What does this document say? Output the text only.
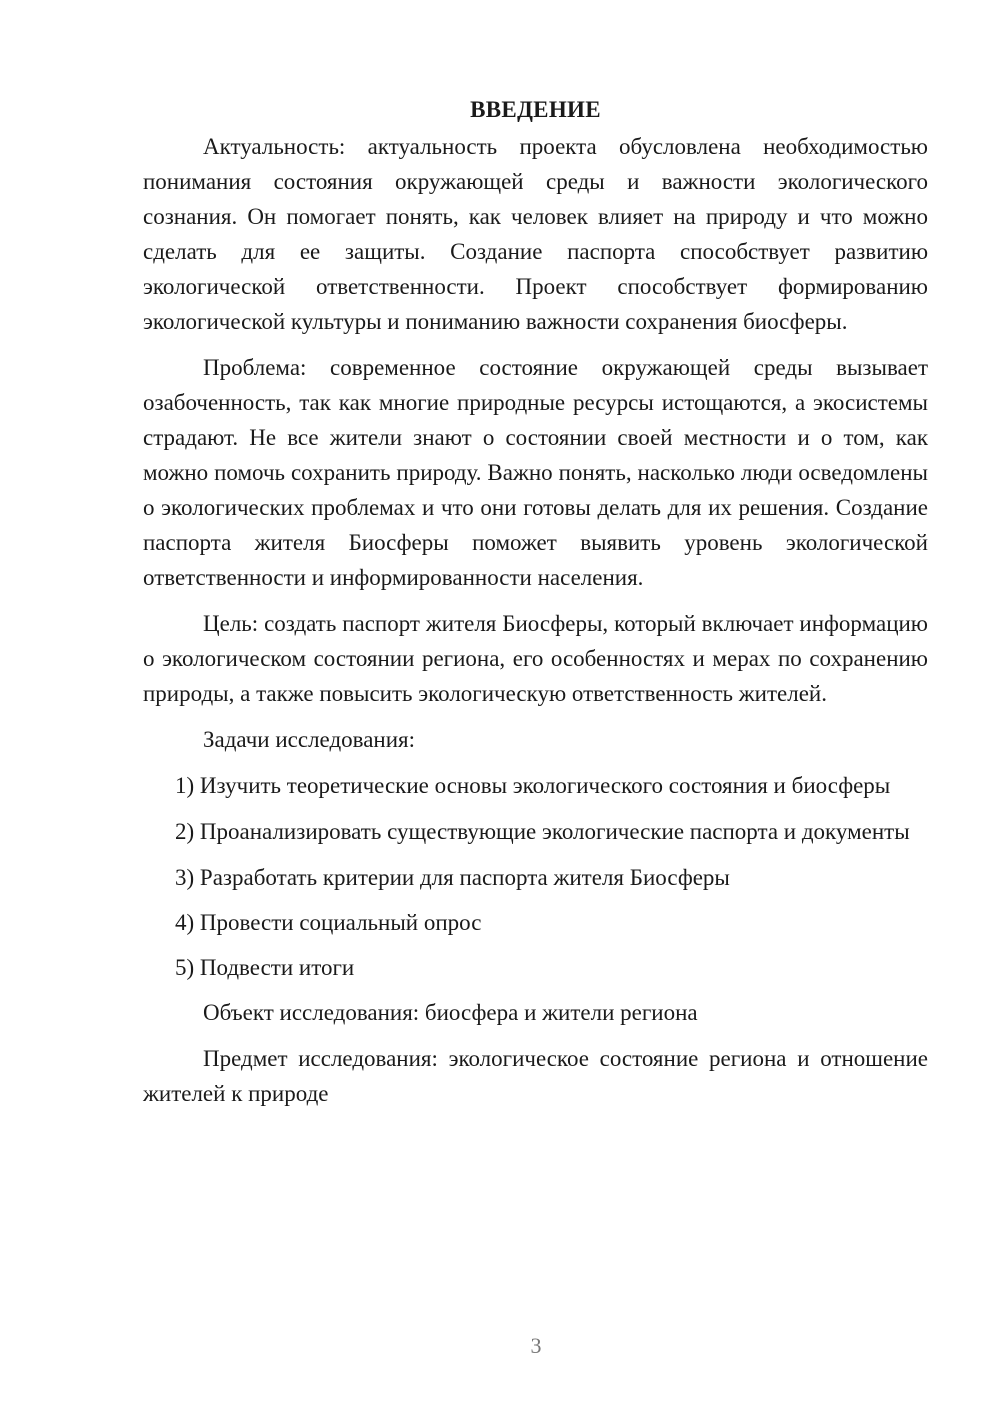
ВВЕДЕНИЕ

Актуальность: актуальность проекта обусловлена необходимостью понимания состояния окружающей среды и важности экологического сознания. Он помогает понять, как человек влияет на природу и что можно сделать для ее защиты. Создание паспорта способствует развитию экологической ответственности. Проект способствует формированию экологической культуры и пониманию важности сохранения биосферы.

Проблема: современное состояние окружающей среды вызывает озабоченность, так как многие природные ресурсы истощаются, а экосистемы страдают. Не все жители знают о состоянии своей местности и о том, как можно помочь сохранить природу. Важно понять, насколько люди осведомлены о экологических проблемах и что они готовы делать для их решения. Создание паспорта жителя Биосферы поможет выявить уровень экологической ответственности и информированности населения.

Цель: создать паспорт жителя Биосферы, который включает информацию о экологическом состоянии региона, его особенностях и мерах по сохранению природы, а также повысить экологическую ответственность жителей.

Задачи исследования:

1) Изучить теоретические основы экологического состояния и биосферы

2) Проанализировать существующие экологические паспорта и документы

3) Разработать критерии для паспорта жителя Биосферы

4) Провести социальный опрос

5) Подвести итоги

Объект исследования: биосфера и жители региона

Предмет исследования: экологическое состояние региона и отношение жителей к природе

3
